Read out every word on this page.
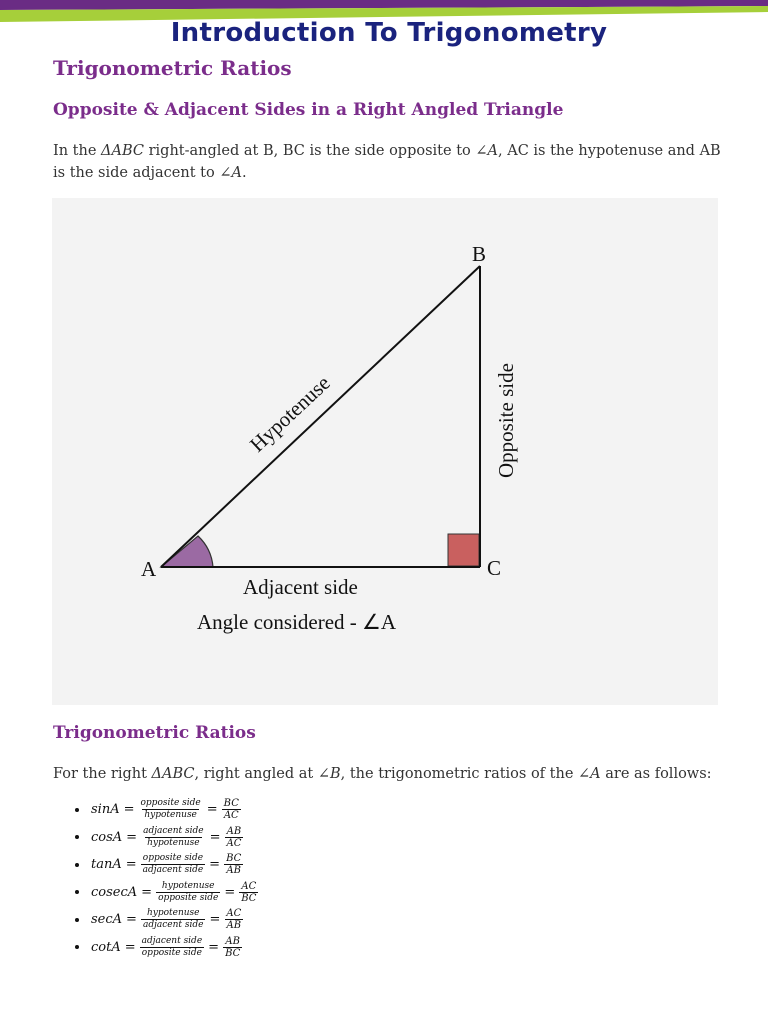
Introduction To Trigonometry
Trigonometric Ratios
Opposite & Adjacent Sides in a Right Angled Triangle

In the ΔABC right-angled at B, BC is the side opposite to ∠A, AC is the hypotenuse and AB is the side adjacent to ∠A.

A
B
C
Hypotenuse	Opposite side
Adjacent side
Angle considered - ∠A
Trigonometric Ratios

For the right ΔABC, right angled at ∠B, the trigonometric ratios of the ∠A are as follows:

$\sin A = \frac{\text{opposite side}}{\text{hypotenuse}} = \frac{BC}{AC}$
$\cos A = \frac{\text{adjacent side}}{\text{hypotenuse}} = \frac{AB}{AC}$
$\tan A = \frac{\text{opposite side}}{\text{adjacent side}} = \frac{BC}{AB}$
$cosecA = \frac{\text{hypotenuse}}{\text{opposite side}} = \frac{AC}{BC}$
$\sec A = \frac{\text{hypotenuse}}{\text{adjacent side}} = \frac{AC}{AB}$
$\cot A = \frac{\text{adjacent side}}{\text{opposite side}} = \frac{AB}{BC}$
